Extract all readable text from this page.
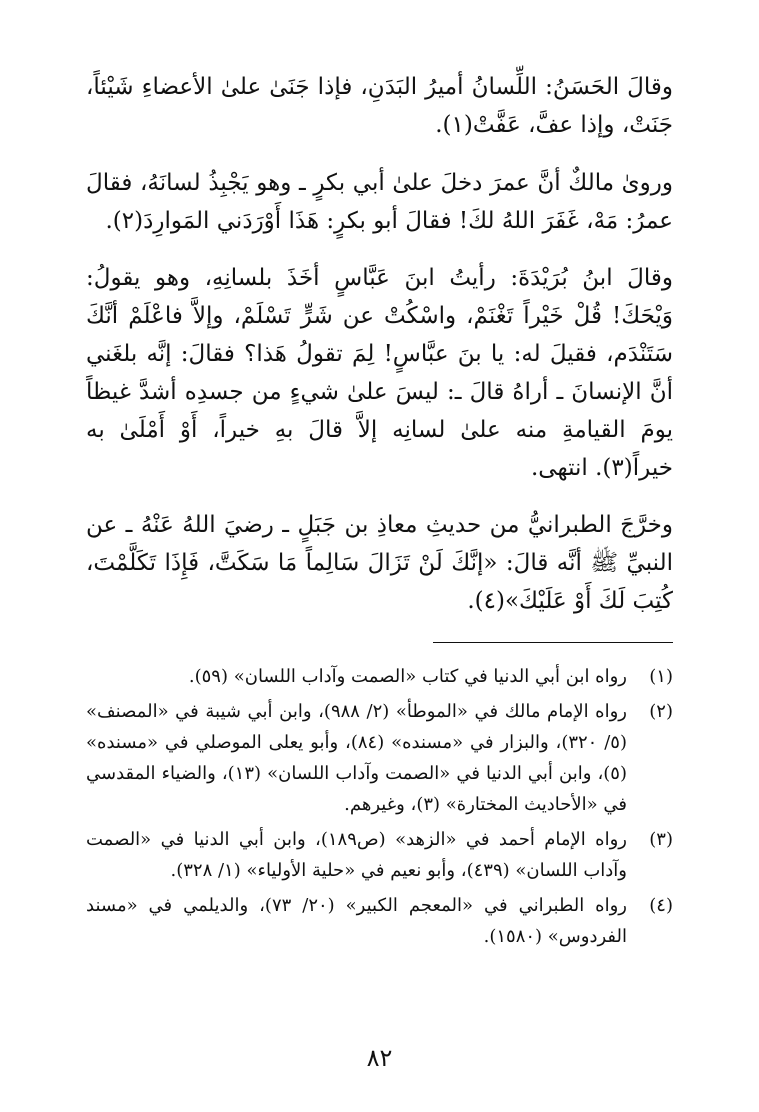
وقالَ الحَسَنُ: اللِّسانُ أميرُ البَدَنِ، فإذا جَنَىٰ علىٰ الأعضاءِ شَيْئاً، جَنَتْ، وإذا عفَّ، عَفَّتْ(١).

وروىٰ مالكٌ أنَّ عمرَ دخلَ علىٰ أبي بكرٍ ـ وهو يَجْبِذُ لسانَهُ، فقالَ عمرُ: مَهْ، غَفَرَ اللهُ لكَ! فقالَ أبو بكرٍ: هَذَا أَوْرَدَني المَوارِدَ(٢).

وقالَ ابنُ بُرَيْدَةَ: رأيتُ ابنَ عَبَّاسٍ أخَذَ بلسانِهِ، وهو يقولُ: وَيْحَكَ! قُلْ خَيْراً تَغْنَمْ، واسْكُتْ عن شَرٍّ تَسْلَمْ، وإلاَّ فاعْلَمْ أنَّكَ سَتَنْدَم، فقيلَ له: يا بنَ عبَّاسٍ! لِمَ تقولُ هَذا؟ فقالَ: إنَّه بلغَني أنَّ الإنسانَ ـ أراهُ قالَ ـ: ليسَ علىٰ شيءٍ من جسدِه أشدَّ غيظاً يومَ القيامةِ منه علىٰ لسانِه إلاَّ قالَ بهِ خيراً، أَوْ أَمْلَىٰ به خيراً(٣). انتهى.

وخرَّجَ الطبرانيُّ من حديثِ معاذِ بن جَبَلٍ ـ رضيَ اللهُ عَنْهُ ـ عن النبيِّ ﷺ أنَّه قالَ: «إنَّكَ لَنْ تَزَالَ سَالِماً مَا سَكَتَّ، فَإِذَا تَكَلَّمْتَ، كُتِبَ لَكَ أَوْ عَلَيْكَ»(٤).

(١)
رواه ابن أبي الدنيا في كتاب «الصمت وآداب اللسان» (٥٩).
(٢)
رواه الإمام مالك في «الموطأ» (٢/ ٩٨٨)، وابن أبي شيبة في «المصنف» (٥/ ٣٢٠)، والبزار في «مسنده» (٨٤)، وأبو يعلى الموصلي في «مسنده» (٥)، وابن أبي الدنيا في «الصمت وآداب اللسان» (١٣)، والضياء المقدسي في «الأحاديث المختارة» (٣)، وغيرهم.
(٣)
رواه الإمام أحمد في «الزهد» (ص١٨٩)، وابن أبي الدنيا في «الصمت وآداب اللسان» (٤٣٩)، وأبو نعيم في «حلية الأولياء» (١/ ٣٢٨).
(٤)
رواه الطبراني في «المعجم الكبير» (٢٠/ ٧٣)، والديلمي في «مسند الفردوس» (١٥٨٠).
٨٢
